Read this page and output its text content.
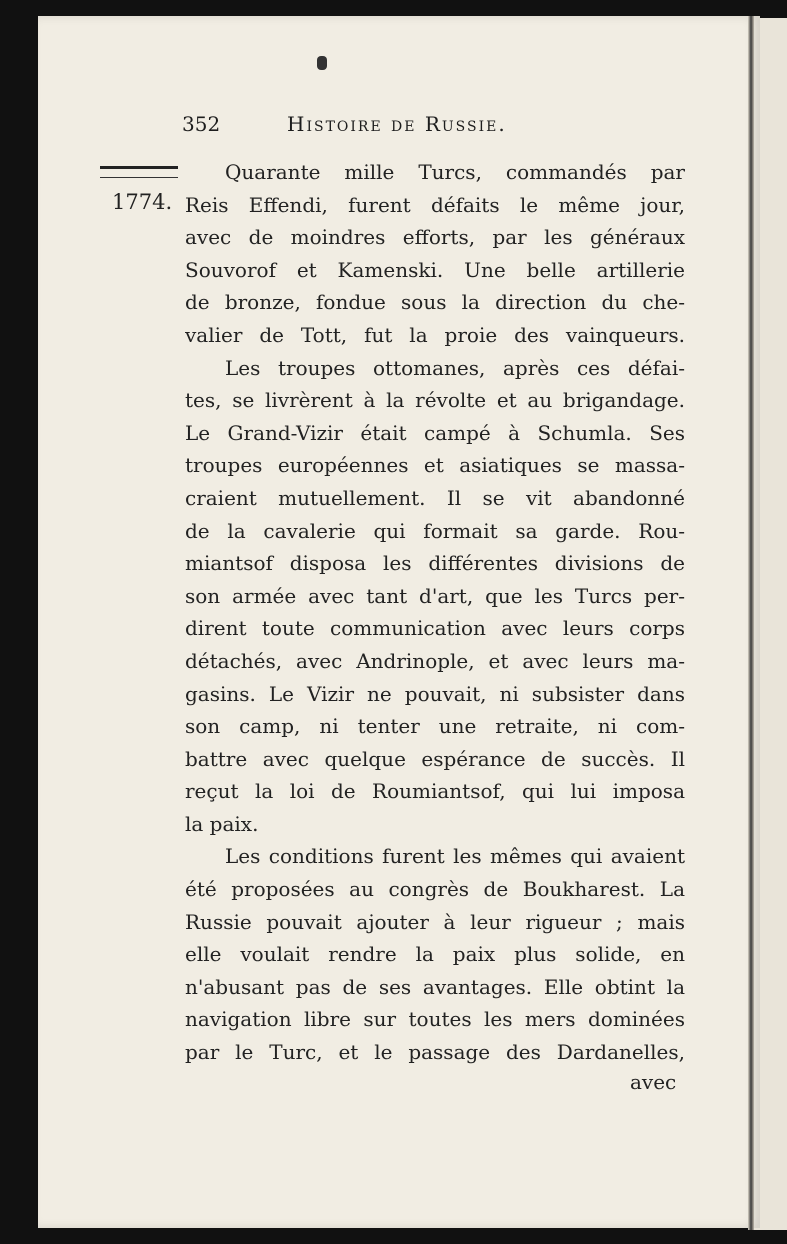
352	Histoire de Russie.
1774.
Quarante mille Turcs, commandés par
Reis Effendi, furent défaits le même jour,
avec de moindres efforts, par les généraux
Souvorof et Kamenski. Une belle artillerie
de bronze, fondue sous la direction du che-
valier de Tott, fut la proie des vainqueurs.
Les troupes ottomanes, après ces défai-
tes, se livrèrent à la révolte et au brigandage.
Le Grand-Vizir était campé à Schumla. Ses
troupes européennes et asiatiques se massa-
craient mutuellement. Il se vit abandonné
de la cavalerie qui formait sa garde. Rou-
miantsof disposa les différentes divisions de
son armée avec tant d'art, que les Turcs per-
dirent toute communication avec leurs corps
détachés, avec Andrinople, et avec leurs ma-
gasins. Le Vizir ne pouvait, ni subsister dans
son camp, ni tenter une retraite, ni com-
battre avec quelque espérance de succès. Il
reçut la loi de Roumiantsof, qui lui imposa
la paix.
Les conditions furent les mêmes qui avaient
été proposées au congrès de Boukharest. La
Russie pouvait ajouter à leur rigueur ; mais
elle voulait rendre la paix plus solide, en
n'abusant pas de ses avantages. Elle obtint la
navigation libre sur toutes les mers dominées
par le Turc, et le passage des Dardanelles,
avec
